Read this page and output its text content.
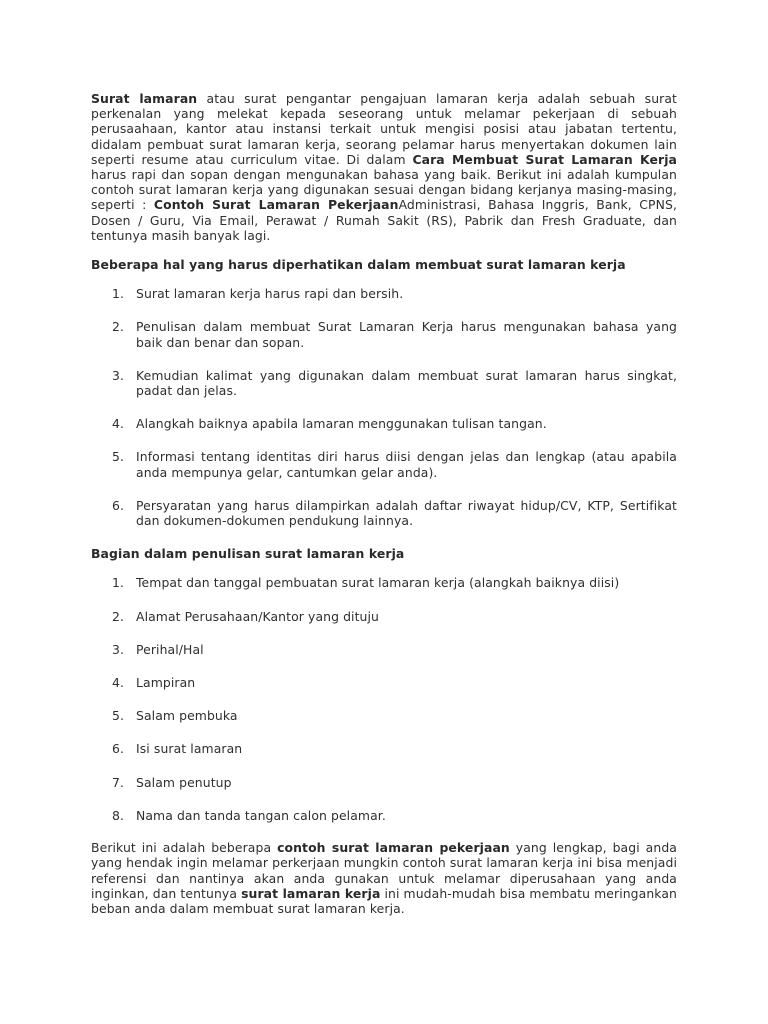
Surat lamaran atau surat pengantar pengajuan lamaran kerja adalah sebuah surat perkenalan yang melekat kepada seseorang untuk melamar pekerjaan di sebuah perusaahaan, kantor atau instansi terkait untuk mengisi posisi atau jabatan tertentu, didalam pembuat surat lamaran kerja, seorang pelamar harus menyertakan dokumen lain seperti resume atau curriculum vitae. Di dalam Cara Membuat Surat Lamaran Kerja harus rapi dan sopan dengan mengunakan bahasa yang baik. Berikut ini adalah kumpulan contoh surat lamaran kerja yang digunakan sesuai dengan bidang kerjanya masing-masing, seperti : Contoh Surat Lamaran PekerjaanAdministrasi, Bahasa Inggris, Bank, CPNS, Dosen / Guru, Via Email, Perawat / Rumah Sakit (RS), Pabrik dan Fresh Graduate, dan tentunya masih banyak lagi.

Beberapa hal yang harus diperhatikan dalam membuat surat lamaran kerja
1. Surat lamaran kerja harus rapi dan bersih.
2. Penulisan dalam membuat Surat Lamaran Kerja harus mengunakan bahasa yang baik dan benar dan sopan.
3. Kemudian kalimat yang digunakan dalam membuat surat lamaran harus singkat, padat dan jelas.
4. Alangkah baiknya apabila lamaran menggunakan tulisan tangan.
5. Informasi tentang identitas diri harus diisi dengan jelas dan lengkap (atau apabila anda mempunya gelar, cantumkan gelar anda).
6. Persyaratan yang harus dilampirkan adalah daftar riwayat hidup/CV, KTP, Sertifikat dan dokumen-dokumen pendukung lainnya.
Bagian dalam penulisan surat lamaran kerja
1. Tempat dan tanggal pembuatan surat lamaran kerja (alangkah baiknya diisi)
2. Alamat Perusahaan/Kantor yang dituju
3. Perihal/Hal
4. Lampiran
5. Salam pembuka
6. Isi surat lamaran
7. Salam penutup
8. Nama dan tanda tangan calon pelamar.

Berikut ini adalah beberapa contoh surat lamaran pekerjaan yang lengkap, bagi anda yang hendak ingin melamar perkerjaan mungkin contoh surat lamaran kerja ini bisa menjadi referensi dan nantinya akan anda gunakan untuk melamar diperusahaan yang anda inginkan, dan tentunya surat lamaran kerja ini mudah-mudah bisa membatu meringankan beban anda dalam membuat surat lamaran kerja.
